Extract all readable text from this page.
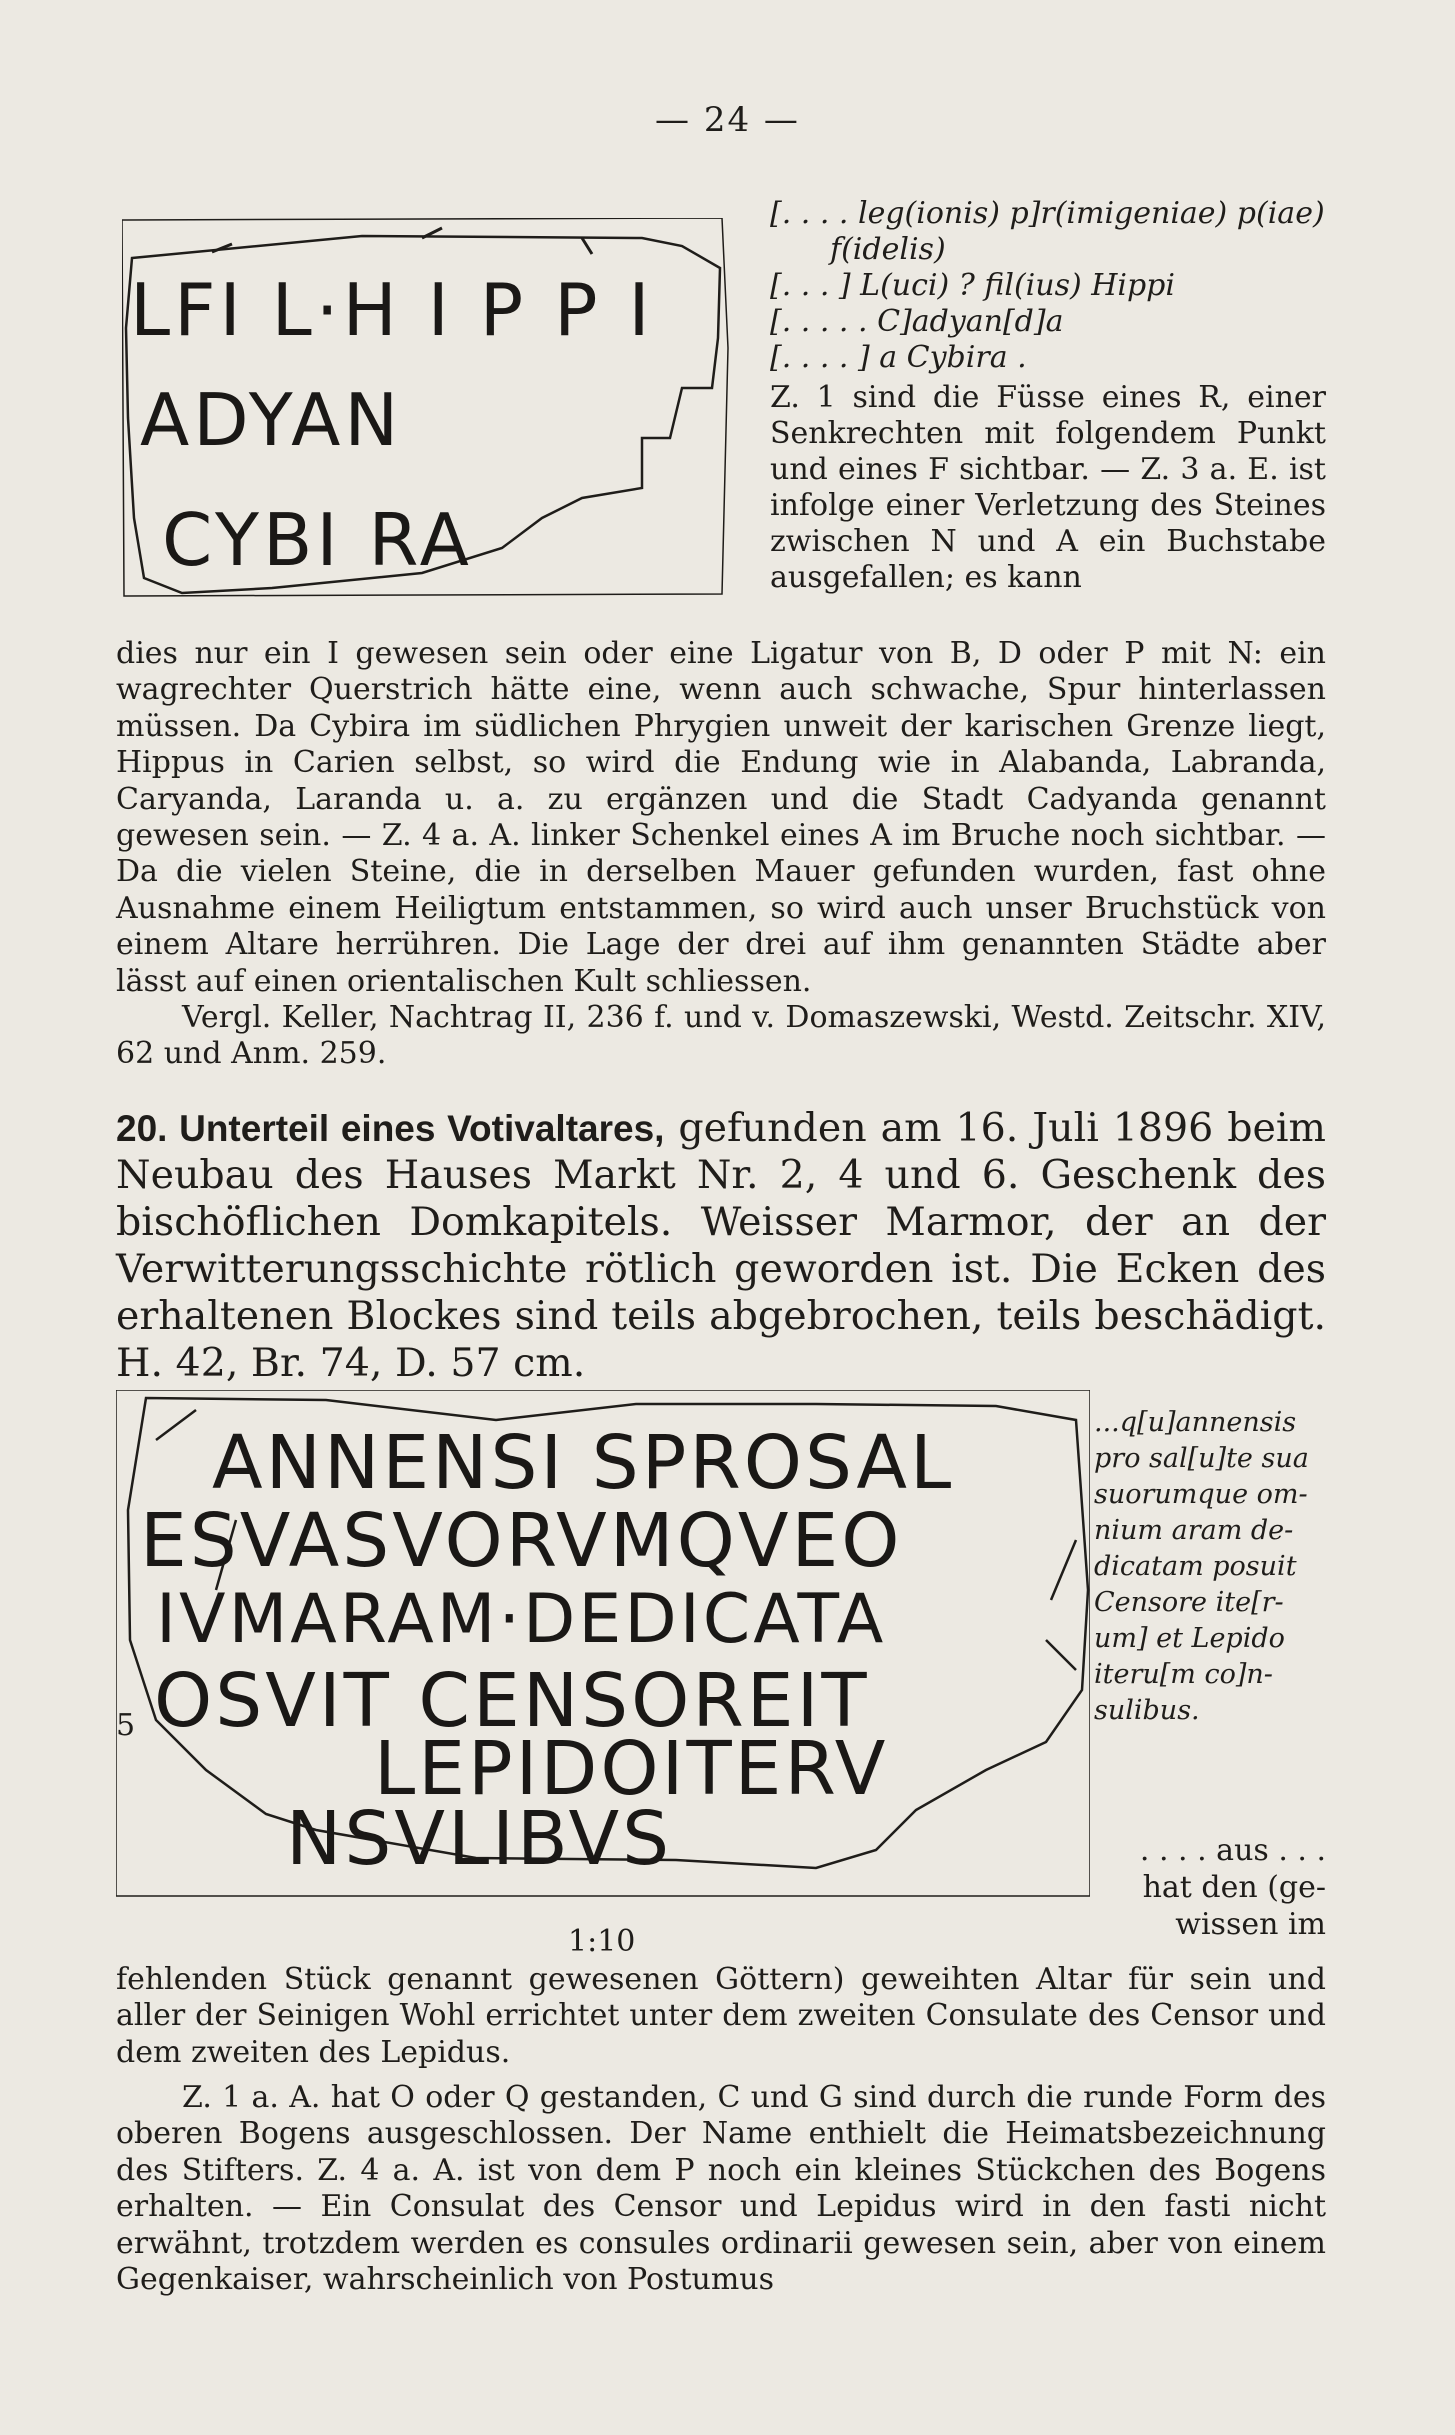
— 24 —
LFI L·H I P P I
ADYAN
CYBI RA

[. . . . leg(ionis) p]r(imigeniae) p(iae)

f(idelis)

[. . . ] L(uci) ? fil(ius) Hippi

[. . . . . C]adyan[d]a

[. . . . ] a Cybira .

Z. 1 sind die Füsse eines R, einer Senkrechten mit folgendem Punkt und eines F sichtbar. — Z. 3 a. E. ist infolge einer Verletzung des Steines zwischen N und A ein Buchstabe ausgefallen; es kann

dies nur ein I gewesen sein oder eine Ligatur von B, D oder P mit N: ein wagrechter Querstrich hätte eine, wenn auch schwache, Spur hinterlassen müssen. Da Cybira im südlichen Phrygien unweit der karischen Grenze liegt, Hippus in Carien selbst, so wird die Endung wie in Alabanda, Labranda, Caryanda, Laranda u. a. zu ergänzen und die Stadt Cadyanda genannt gewesen sein. — Z. 4 a. A. linker Schenkel eines A im Bruche noch sichtbar. — Da die vielen Steine, die in derselben Mauer gefunden wurden, fast ohne Ausnahme einem Heiligtum entstammen, so wird auch unser Bruchstück von einem Altare herrühren. Die Lage der drei auf ihm genannten Städte aber lässt auf einen orientalischen Kult schliessen.

Vergl. Keller, Nachtrag II, 236 f. und v. Domaszewski, Westd. Zeitschr. XIV, 62 und Anm. 259.

20. Unterteil eines Votivaltares, gefunden am 16. Juli 1896 beim Neubau des Hauses Markt Nr. 2, 4 und 6. Geschenk des bischöflichen Domkapitels. Weisser Marmor, der an der Verwitterungsschichte rötlich geworden ist. Die Ecken des erhaltenen Blockes sind teils abgebrochen, teils beschädigt. H. 42, Br. 74, D. 57 cm.

ANNENSI SPROSAL
ESVASVORVMQVEO
IVMARAM·DEDICATA
OSVIT CENSOREIT
LEPIDOITERV
NSVLIBVS
5
1:10

...q[u]annensis

pro sal[u]te sua

suorumque om-

nium aram de-

dicatam posuit

Censore ite[r-

um] et Lepido

iteru[m co]n-

sulibus.

. . . . aus . . .

hat den (ge-

wissen im

fehlenden Stück genannt gewesenen Göttern) geweihten Altar für sein und aller der Seinigen Wohl errichtet unter dem zweiten Consulate des Censor und dem zweiten des Lepidus.

Z. 1 a. A. hat O oder Q gestanden, C und G sind durch die runde Form des oberen Bogens ausgeschlossen. Der Name enthielt die Heimatsbezeichnung des Stifters. Z. 4 a. A. ist von dem P noch ein kleines Stückchen des Bogens erhalten. — Ein Consulat des Censor und Lepidus wird in den fasti nicht erwähnt, trotzdem werden es consules ordinarii gewesen sein, aber von einem Gegenkaiser, wahrscheinlich von Postumus
